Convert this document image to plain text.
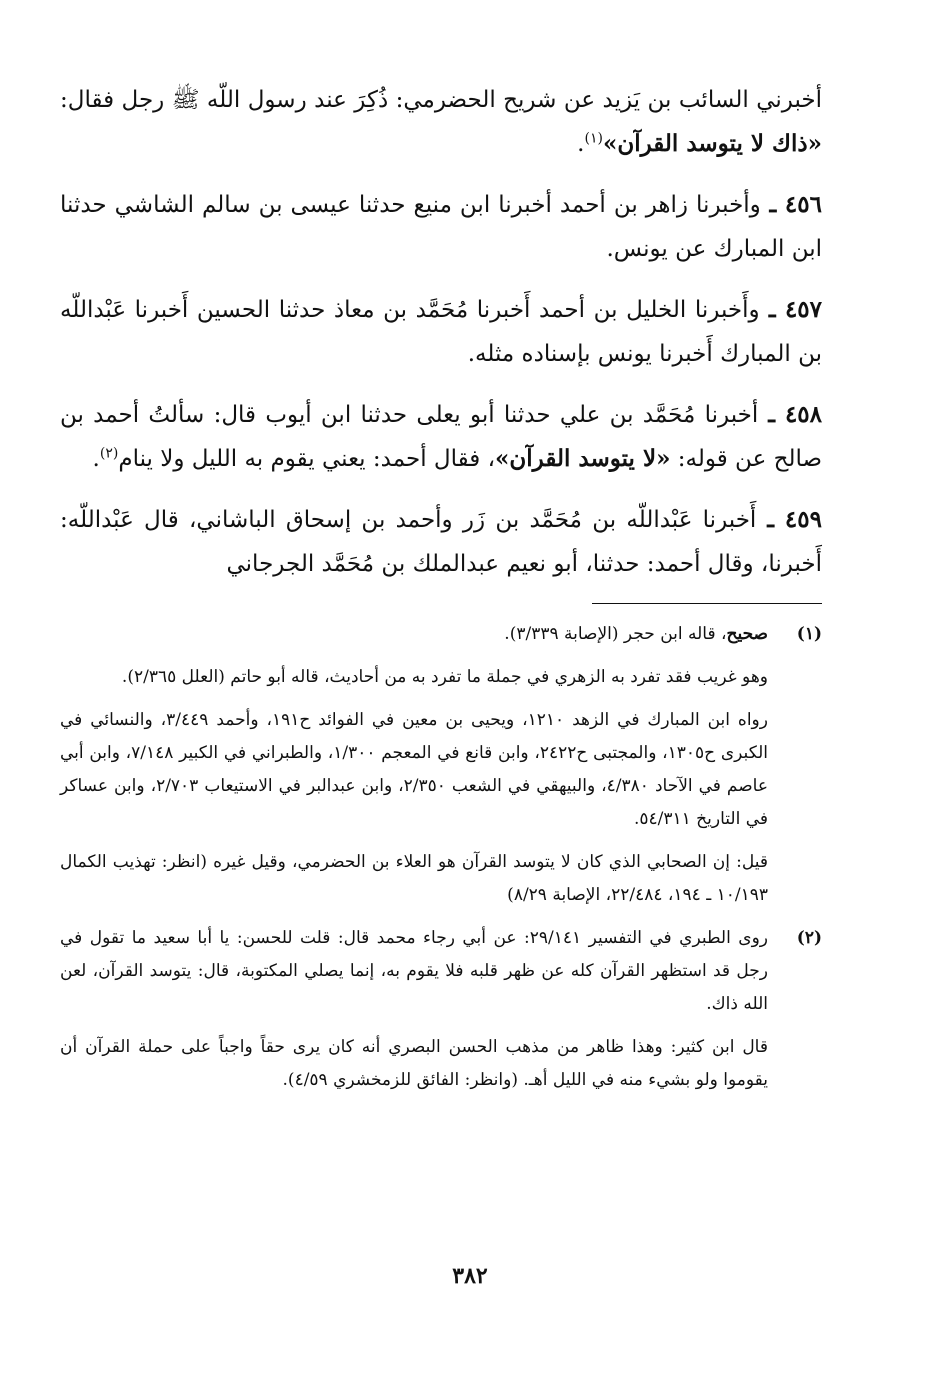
أخبرني السائب بن يَزيد عن شريح الحضرمي: ذُكِرَ عند رسول اللّه ﷺ رجل فقال: «ذاك لا يتوسد القرآن»$^{(١)}$.

٤٥٦ ـ وأخبرنا زاهر بن أحمد أخبرنا ابن منيع حدثنا عيسى بن سالم الشاشي حدثنا ابن المبارك عن يونس.

٤٥٧ ـ وأَخبرنا الخليل بن أحمد أَخبرنا مُحَمَّد بن معاذ حدثنا الحسين أَخبرنا عَبْداللّه بن المبارك أَخبرنا يونس بإسناده مثله.

٤٥٨ ـ أخبرنا مُحَمَّد بن علي حدثنا أبو يعلى حدثنا ابن أيوب قال: سألتُ أحمد بن صالح عن قوله: «لا يتوسد القرآن»، فقال أحمد: يعني يقوم به الليل ولا ينام$^{(٢)}$.

٤٥٩ ـ أَخبرنا عَبْداللّه بن مُحَمَّد بن زَر وأحمد بن إسحاق الباشاني، قال عَبْداللّه: أَخبرنا، وقال أحمد: حدثنا، أبو نعيم عبدالملك بن مُحَمَّد الجرجاني

(١)

صحيح، قاله ابن حجر (الإصابة ٣/٣٣٩).

وهو غريب فقد تفرد به الزهري في جملة ما تفرد به من أحاديث، قاله أبو حاتم (العلل ٢/٣٦٥).

رواه ابن المبارك في الزهد ١٢١٠، ويحيى بن معين في الفوائد ح١٩١، وأحمد ٣/٤٤٩، والنسائي في الكبرى ح١٣٠٥، والمجتبى ح٢٤٢٢، وابن قانع في المعجم ١/٣٠٠، والطبراني في الكبير ٧/١٤٨، وابن أبي عاصم في الآحاد ٤/٣٨٠، والبيهقي في الشعب ٢/٣٥٠، وابن عبدالبر في الاستيعاب ٢/٧٠٣، وابن عساكر في التاريخ ٥٤/٣١١.

قيل: إن الصحابي الذي كان لا يتوسد القرآن هو العلاء بن الحضرمي، وقيل غيره (انظر: تهذيب الكمال ١٠/١٩٣ ـ ١٩٤، ٢٢/٤٨٤، الإصابة ٨/٢٩)

(٢)

روى الطبري في التفسير ٢٩/١٤١: عن أبي رجاء محمد قال: قلت للحسن: يا أبا سعيد ما تقول في رجل قد استظهر القرآن كله عن ظهر قلبه فلا يقوم به، إنما يصلي المكتوبة، قال: يتوسد القرآن، لعن الله ذاك.

قال ابن كثير: وهذا ظاهر من مذهب الحسن البصري أنه كان يرى حقاً واجباً على حملة القرآن أن يقوموا ولو بشيء منه في الليل أهـ. (وانظر: الفائق للزمخشري ٤/٥٩).

٣٨٢
